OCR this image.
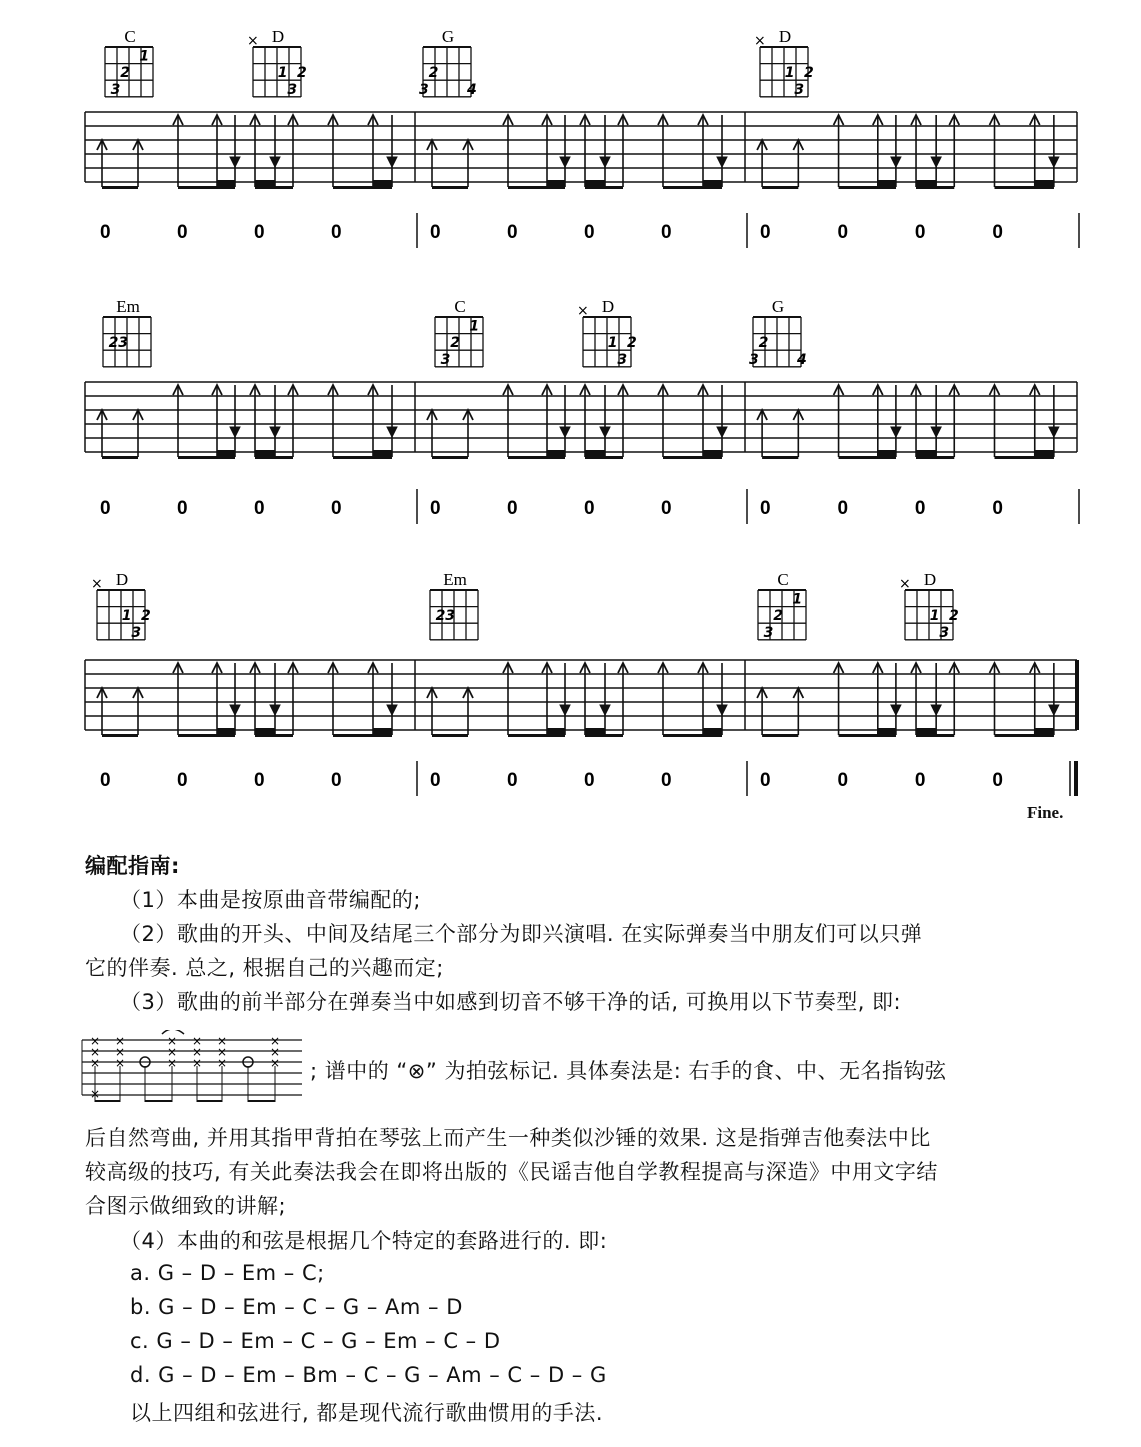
0	0	0	0	0	0	0	0	0	0	0	0
C
3
2
1
D
×
1
3
2
G
3
2
4
D
×
1
3
2
0	0	0	0	0	0	0	0	0	0	0	0
Em
2 3
C
3
2
1
D
×
1
3
2
G
3
2
4
0	0	0	0	0	0	0	0	0	0	0	0
D
×
1
3
2
Em
2 3
C
3
2
1
D
×
1
3
2
Fine.
×
×
×
×
×
×
×
×
×
×
×
×
×
×
×
×
×
×
×
编配指南:
（1）本曲是按原曲音带编配的;
（2）歌曲的开头、中间及结尾三个部分为即兴演唱. 在实际弹奏当中朋友们可以只弹
它的伴奏. 总之, 根据自己的兴趣而定;
（3）歌曲的前半部分在弹奏当中如感到切音不够干净的话, 可换用以下节奏型, 即:
; 谱中的 “⊗” 为拍弦标记. 具体奏法是: 右手的食、中、无名指钩弦
后自然弯曲, 并用其指甲背拍在琴弦上而产生一种类似沙锤的效果. 这是指弹吉他奏法中比
较高级的技巧, 有关此奏法我会在即将出版的《民谣吉他自学教程提高与深造》中用文字结
合图示做细致的讲解;
（4）本曲的和弦是根据几个特定的套路进行的. 即:
a. G – D – Em – C;
b. G – D – Em – C – G – Am – D
c. G – D – Em – C – G – Em – C – D
d. G – D – Em – Bm – C – G – Am – C – D – G
以上四组和弦进行, 都是现代流行歌曲惯用的手法.
